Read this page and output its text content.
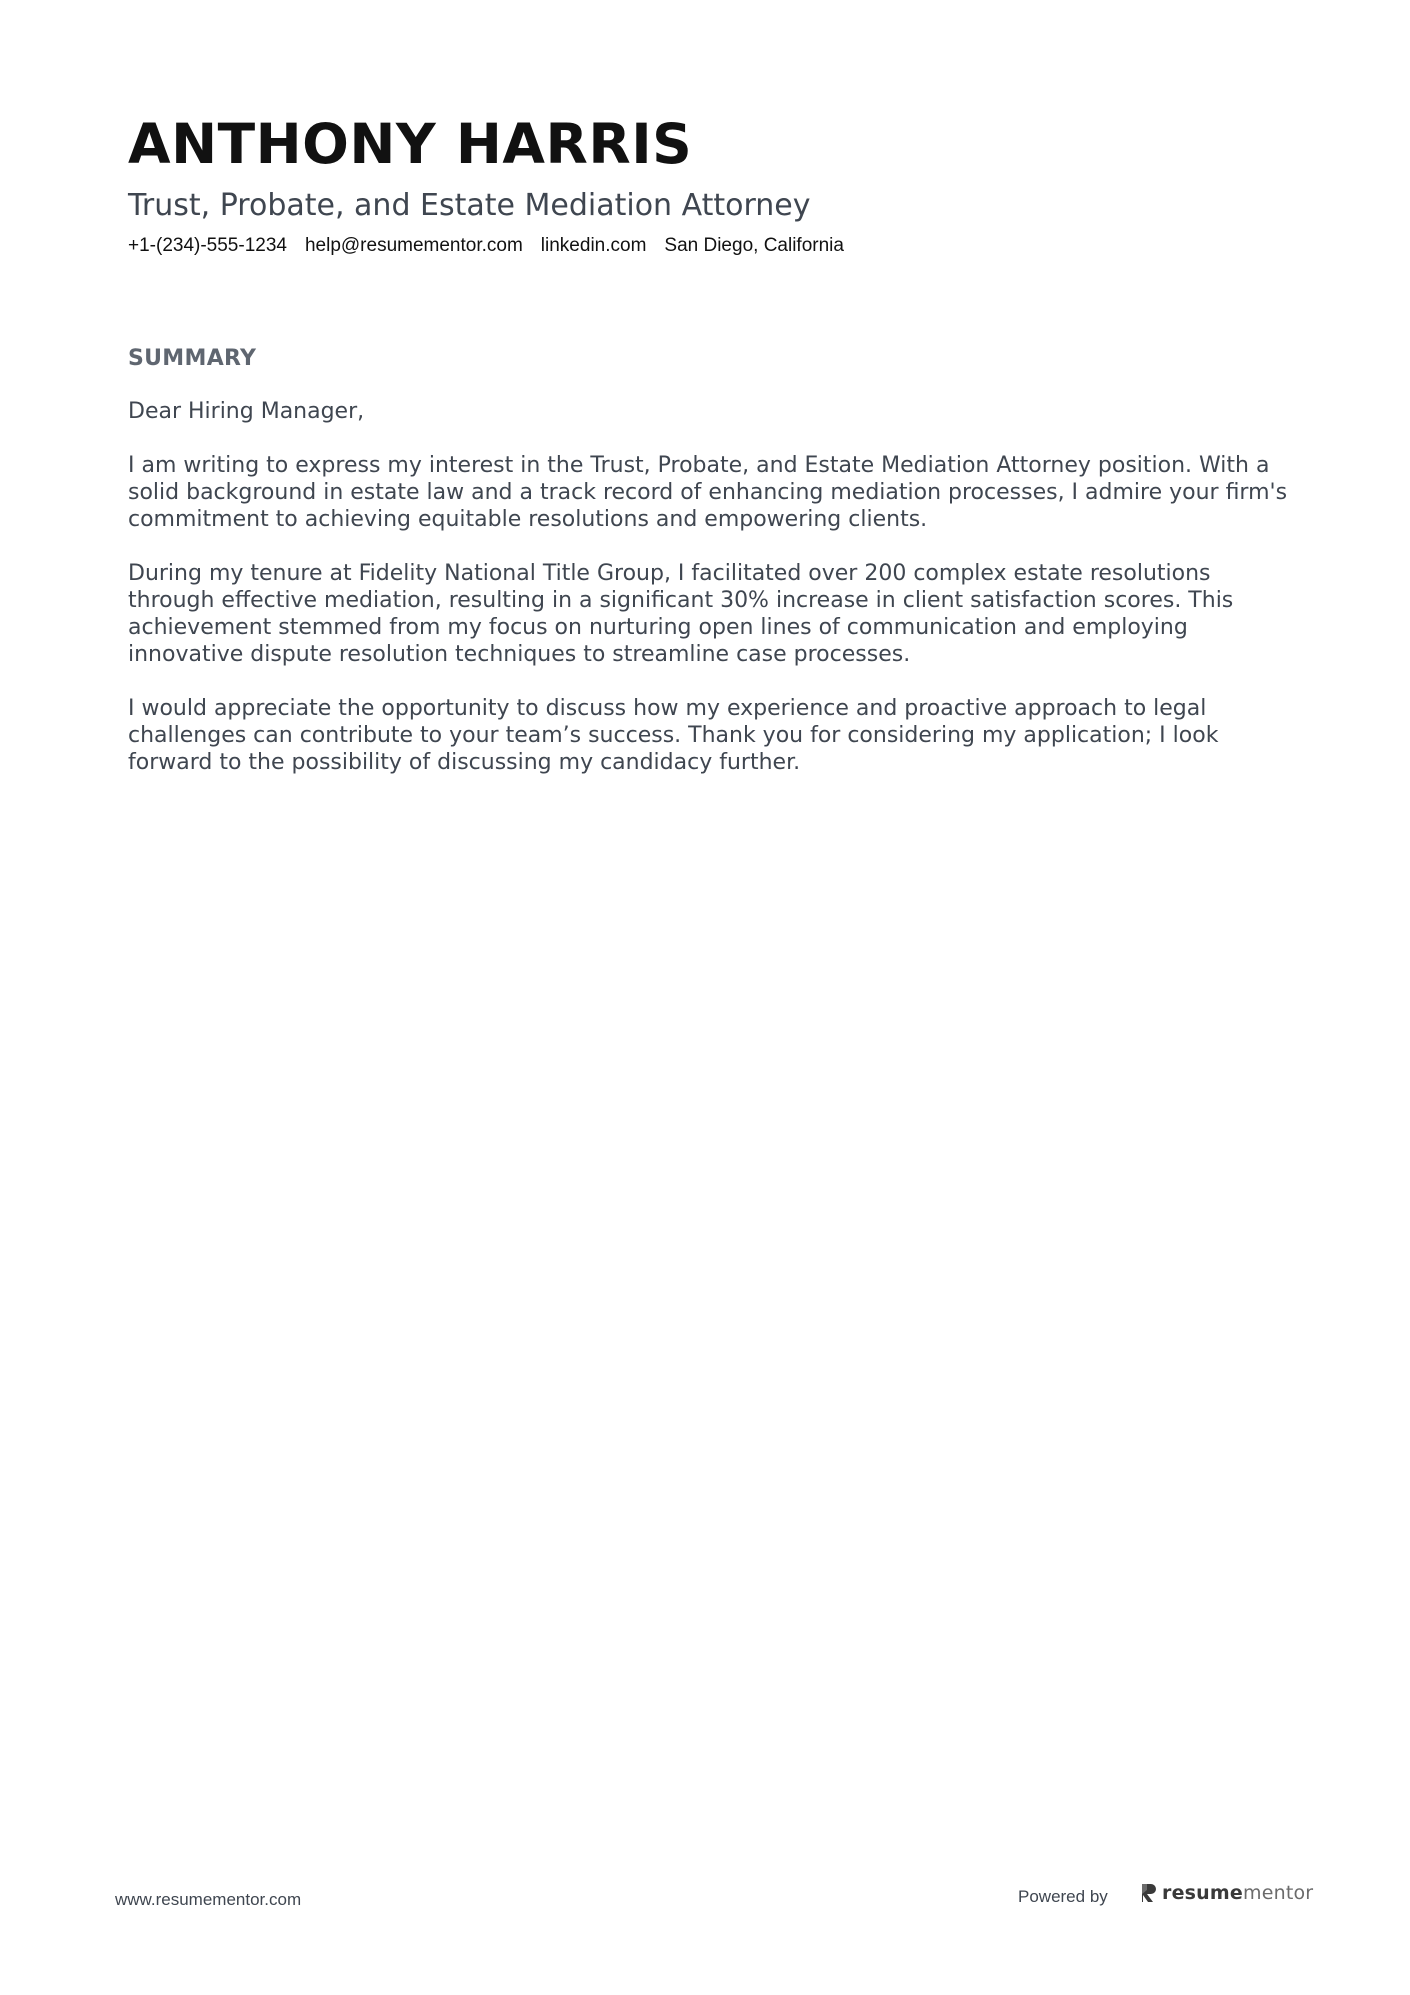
ANTHONY HARRIS
Trust, Probate, and Estate Mediation Attorney
+1-(234)-555-1234 help@resumementor.com linkedin.com San Diego, California
SUMMARY

Dear Hiring Manager,

I am writing to express my interest in the Trust, Probate, and Estate Mediation Attorney position. With a solid background in estate law and a track record of enhancing mediation processes, I admire your firm's commitment to achieving equitable resolutions and empowering clients.

During my tenure at Fidelity National Title Group, I facilitated over 200 complex estate resolutions through effective mediation, resulting in a significant 30% increase in client satisfaction scores. This achievement stemmed from my focus on nurturing open lines of communication and employing innovative dispute resolution techniques to streamline case processes.

I would appreciate the opportunity to discuss how my experience and proactive approach to legal challenges can contribute to your team’s success. Thank you for considering my application; I look forward to the possibility of discussing my candidacy further.

www.resumementor.com	Powered by	resumementor
